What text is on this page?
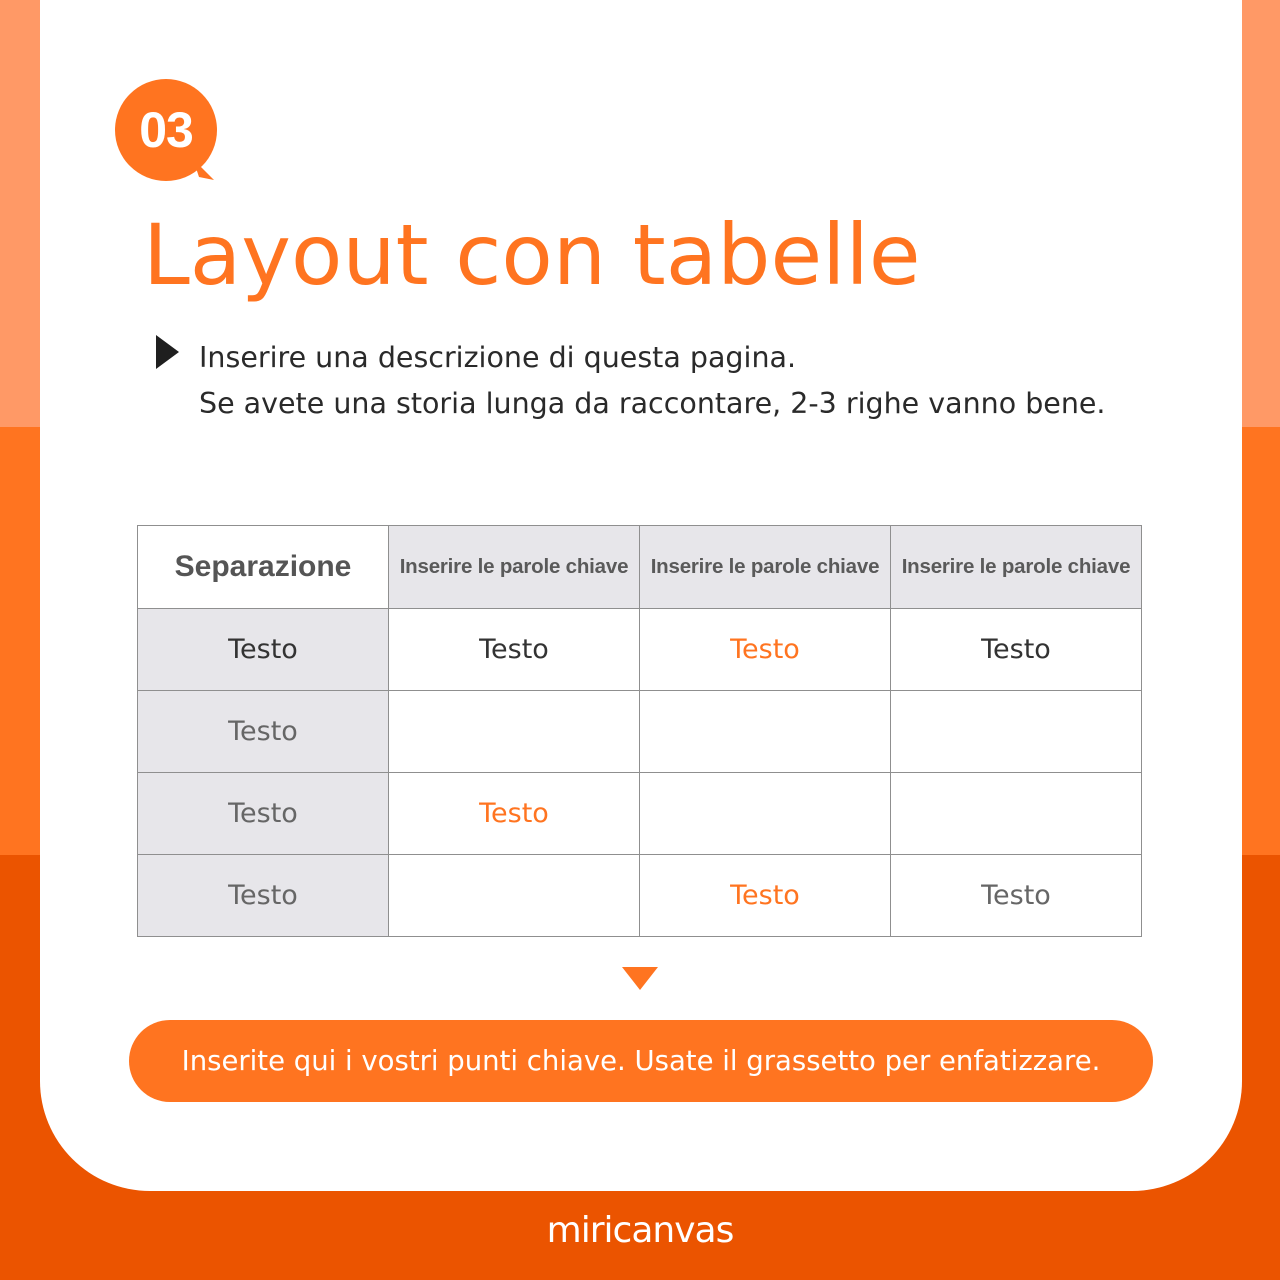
03
Layout con tabelle
Inserire una descrizione di questa pagina.
Se avete una storia lunga da raccontare, 2-3 righe vanno bene.
Separazione	Inserire le parole chiave	Inserire le parole chiave	Inserire le parole chiave
Testo	Testo	Testo	Testo
Testo			
Testo	Testo		
Testo		Testo	Testo
Inserite qui i vostri punti chiave. Usate il grassetto per enfatizzare.
miricanvas
